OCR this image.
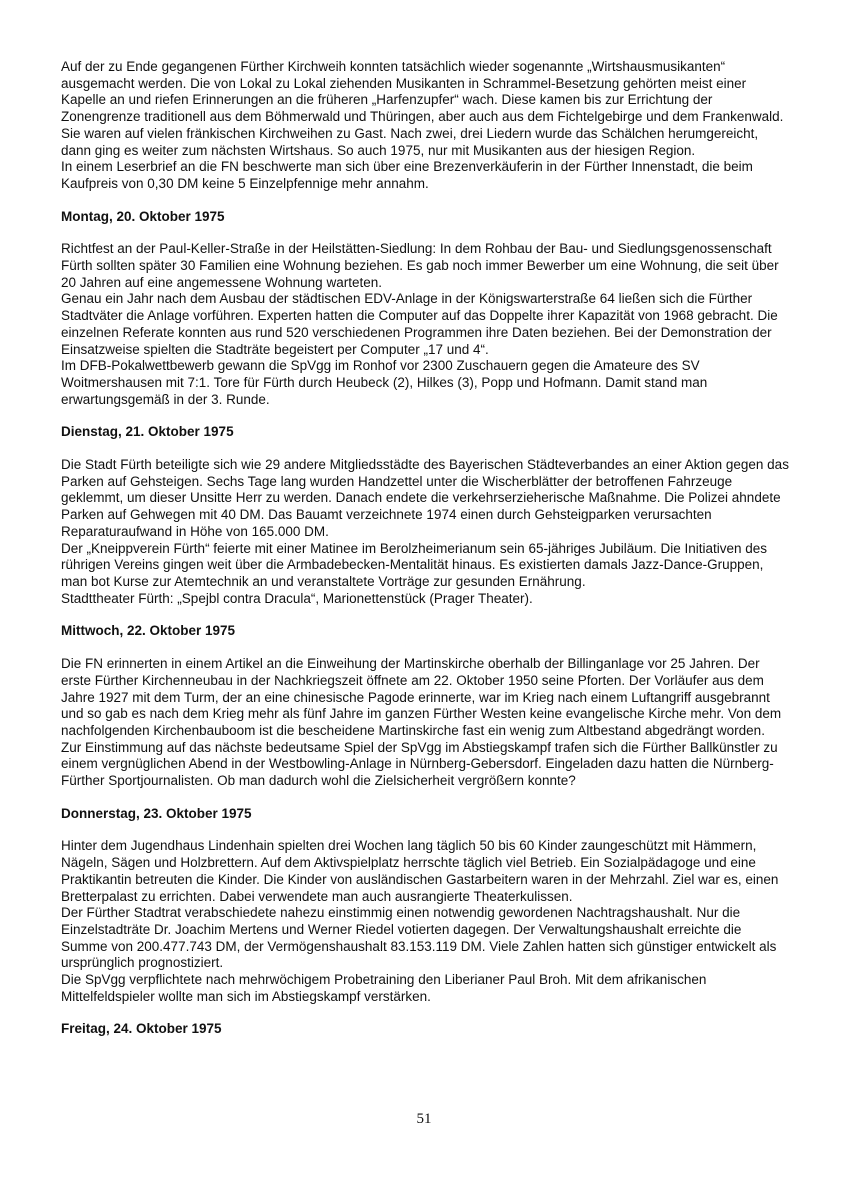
Auf der zu Ende gegangenen Fürther Kirchweih konnten tatsächlich wieder sogenannte „Wirtshausmusikanten“ ausgemacht werden. Die von Lokal zu Lokal ziehenden Musikanten in Schrammel-Besetzung gehörten meist einer Kapelle an und riefen Erinnerungen an die früheren „Harfenzupfer“ wach. Diese kamen bis zur Errichtung der Zonengrenze traditionell aus dem Böhmerwald und Thüringen, aber auch aus dem Fichtelgebirge und dem Frankenwald. Sie waren auf vielen fränkischen Kirchweihen zu Gast. Nach zwei, drei Liedern wurde das Schälchen herumgereicht, dann ging es weiter zum nächsten Wirtshaus. So auch 1975, nur mit Musikanten aus der hiesigen Region.

In einem Leserbrief an die FN beschwerte man sich über eine Brezenverkäuferin in der Fürther Innenstadt, die beim Kaufpreis von 0,30 DM keine 5 Einzelpfennige mehr annahm.

Montag, 20. Oktober 1975

Richtfest an der Paul-Keller-Straße in der Heilstätten-Siedlung: In dem Rohbau der Bau- und Siedlungsgenossenschaft Fürth sollten später 30 Familien eine Wohnung beziehen. Es gab noch immer Bewerber um eine Wohnung, die seit über 20 Jahren auf eine angemessene Wohnung warteten.

Genau ein Jahr nach dem Ausbau der städtischen EDV-Anlage in der Königswarterstraße 64 ließen sich die Fürther Stadtväter die Anlage vorführen. Experten hatten die Computer auf das Doppelte ihrer Kapazität von 1968 gebracht. Die einzelnen Referate konnten aus rund 520 verschiedenen Programmen ihre Daten beziehen. Bei der Demonstration der Einsatzweise spielten die Stadträte begeistert per Computer „17 und 4“.

Im DFB-Pokalwettbewerb gewann die SpVgg im Ronhof vor 2300 Zuschauern gegen die Amateure des SV Woitmershausen mit 7:1. Tore für Fürth durch Heubeck (2), Hilkes (3), Popp und Hofmann. Damit stand man erwartungsgemäß in der 3. Runde.

Dienstag, 21. Oktober 1975

Die Stadt Fürth beteiligte sich wie 29 andere Mitgliedsstädte des Bayerischen Städteverbandes an einer Aktion gegen das Parken auf Gehsteigen. Sechs Tage lang wurden Handzettel unter die Wischerblätter der betroffenen Fahrzeuge geklemmt, um dieser Unsitte Herr zu werden. Danach endete die verkehrserzieherische Maßnahme. Die Polizei ahndete Parken auf Gehwegen mit 40 DM. Das Bauamt verzeichnete 1974 einen durch Gehsteigparken verursachten Reparaturaufwand in Höhe von 165.000 DM.

Der „Kneippverein Fürth“ feierte mit einer Matinee im Berolzheimerianum sein 65-jähriges Jubiläum. Die Initiativen des rührigen Vereins gingen weit über die Armbadebecken-Mentalität hinaus. Es existierten damals Jazz-Dance-Gruppen, man bot Kurse zur Atemtechnik an und veranstaltete Vorträge zur gesunden Ernährung.

Stadttheater Fürth: „Spejbl contra Dracula“, Marionettenstück (Prager Theater).

Mittwoch, 22. Oktober 1975

Die FN erinnerten in einem Artikel an die Einweihung der Martinskirche oberhalb der Billinganlage vor 25 Jahren. Der erste Fürther Kirchenneubau in der Nachkriegszeit öffnete am 22. Oktober 1950 seine Pforten. Der Vorläufer aus dem Jahre 1927 mit dem Turm, der an eine chinesische Pagode erinnerte, war im Krieg nach einem Luftangriff ausgebrannt und so gab es nach dem Krieg mehr als fünf Jahre im ganzen Fürther Westen keine evangelische Kirche mehr. Von dem nachfolgenden Kirchenbauboom ist die bescheidene Martinskirche fast ein wenig zum Altbestand abgedrängt worden.

Zur Einstimmung auf das nächste bedeutsame Spiel der SpVgg im Abstiegskampf trafen sich die Fürther Ballkünstler zu einem vergnüglichen Abend in der Westbowling-Anlage in Nürnberg-Gebersdorf. Eingeladen dazu hatten die Nürnberg-Fürther Sportjournalisten. Ob man dadurch wohl die Zielsicherheit vergrößern konnte?

Donnerstag, 23. Oktober 1975

Hinter dem Jugendhaus Lindenhain spielten drei Wochen lang täglich 50 bis 60 Kinder zaungeschützt mit Hämmern, Nägeln, Sägen und Holzbrettern. Auf dem Aktivspielplatz herrschte täglich viel Betrieb. Ein Sozialpädagoge und eine Praktikantin betreuten die Kinder. Die Kinder von ausländischen Gastarbeitern waren in der Mehrzahl. Ziel war es, einen Bretterpalast zu errichten. Dabei verwendete man auch ausrangierte Theaterkulissen.

Der Fürther Stadtrat verabschiedete nahezu einstimmig einen notwendig gewordenen Nachtragshaushalt. Nur die Einzelstadträte Dr. Joachim Mertens und Werner Riedel votierten dagegen. Der Verwaltungshaushalt erreichte die Summe von 200.477.743 DM, der Vermögenshaushalt 83.153.119 DM. Viele Zahlen hatten sich günstiger entwickelt als ursprünglich prognostiziert.

Die SpVgg verpflichtete nach mehrwöchigem Probetraining den Liberianer Paul Broh. Mit dem afrikanischen Mittelfeldspieler wollte man sich im Abstiegskampf verstärken.

Freitag, 24. Oktober 1975

51
